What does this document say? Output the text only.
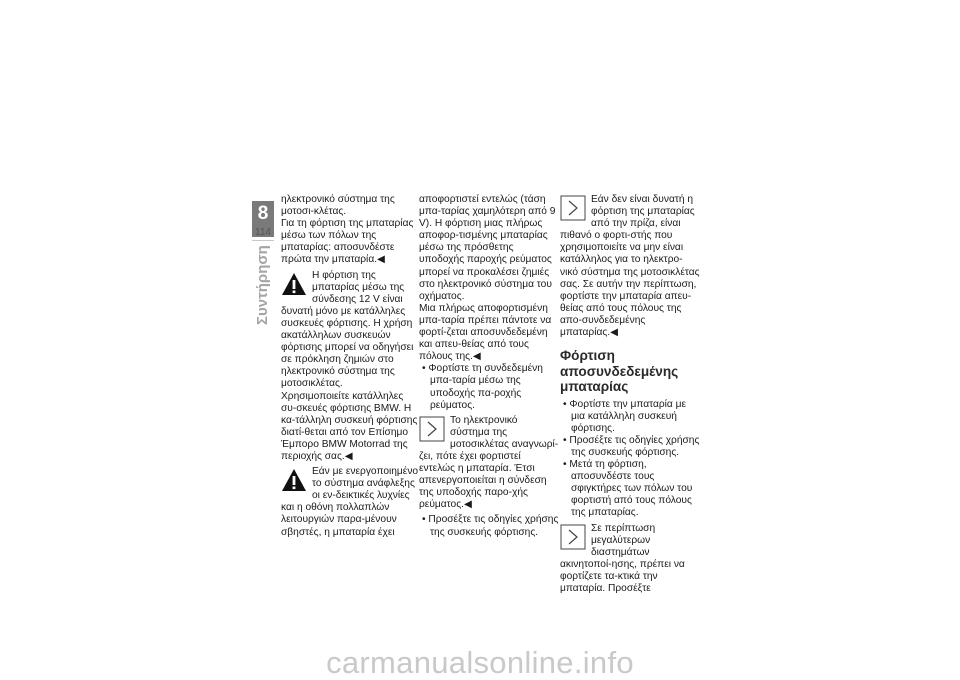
8
114
Συντήρηση

ηλεκτρονικό σύστημα της μοτοσι-κλέτας.

Για τη φόρτιση της μπαταρίας μέσω των πόλων της μπαταρίας: αποσυνδέστε πρώτα την μπαταρία.◀

Η φόρτιση της μπαταρίας μέσω της σύνδεσης 12 V είναι δυνατή μόνο με κατάλληλες συσκευές φόρτισης. Η χρήση ακατάλληλων συσκευών φόρτισης μπορεί να οδηγήσει σε πρόκληση ζημιών στο ηλεκτρονικό σύστημα της μοτοσικλέτας.

Χρησιμοποιείτε κατάλληλες συ-σκευές φόρτισης BMW. Η κα-τάλληλη συσκευή φόρτισης διατί-θεται από τον Επίσημο Έμπορο BMW Motorrad της περιοχής σας.◀

Εάν με ενεργοποιημένο το σύστημα ανάφλεξης οι εν-δεικτικές λυχνίες και η οθόνη πολλαπλών λειτουργιών παρα-μένουν σβηστές, η μπαταρία έχει

αποφορτιστεί εντελώς (τάση μπα-ταρίας χαμηλότερη από 9 V). Η φόρτιση μιας πλήρως αποφορ-τισμένης μπαταρίας μέσω της πρόσθετης υποδοχής παροχής ρεύματος μπορεί να προκαλέσει ζημιές στο ηλεκτρονικό σύστημα του οχήματος.

Μια πλήρως αποφορτισμένη μπα-ταρία πρέπει πάντοτε να φορτί-ζεται αποσυνδεδεμένη και απευ-θείας από τους πόλους της.◀

• Φορτίστε τη συνδεδεμένη μπα-ταρία μέσω της υποδοχής πα-ροχής ρεύματος.

Το ηλεκτρονικό σύστημα της μοτοσικλέτας αναγνωρί-ζει, πότε έχει φορτιστεί εντελώς η μπαταρία. Έτσι απενεργοποιείται η σύνδεση της υποδοχής παρο-χής ρεύματος.◀

• Προσέξτε τις οδηγίες χρήσης της συσκευής φόρτισης.

Εάν δεν είναι δυνατή η φόρτιση της μπαταρίας από την πρίζα, είναι πιθανό ο φορτι-στής που χρησιμοποιείτε να μην είναι κατάλληλος για το ηλεκτρο-νικό σύστημα της μοτοσικλέτας σας. Σε αυτήν την περίπτωση, φορτίστε την μπαταρία απευ-θείας από τους πόλους της απο-συνδεδεμένης μπαταρίας.◀
Φόρτιση αποσυνδεδεμένης μπαταρίας

• Φορτίστε την μπαταρία με μια κατάλληλη συσκευή φόρτισης.

• Προσέξτε τις οδηγίες χρήσης της συσκευής φόρτισης.

• Μετά τη φόρτιση, αποσυνδέστε τους σφιγκτήρες των πόλων του φορτιστή από τους πόλους της μπαταρίας.

Σε περίπτωση μεγαλύτερων διαστημάτων ακινητοποί-ησης, πρέπει να φορτίζετε τα-κτικά την μπαταρία. Προσέξτε
carmanualsonline.info
